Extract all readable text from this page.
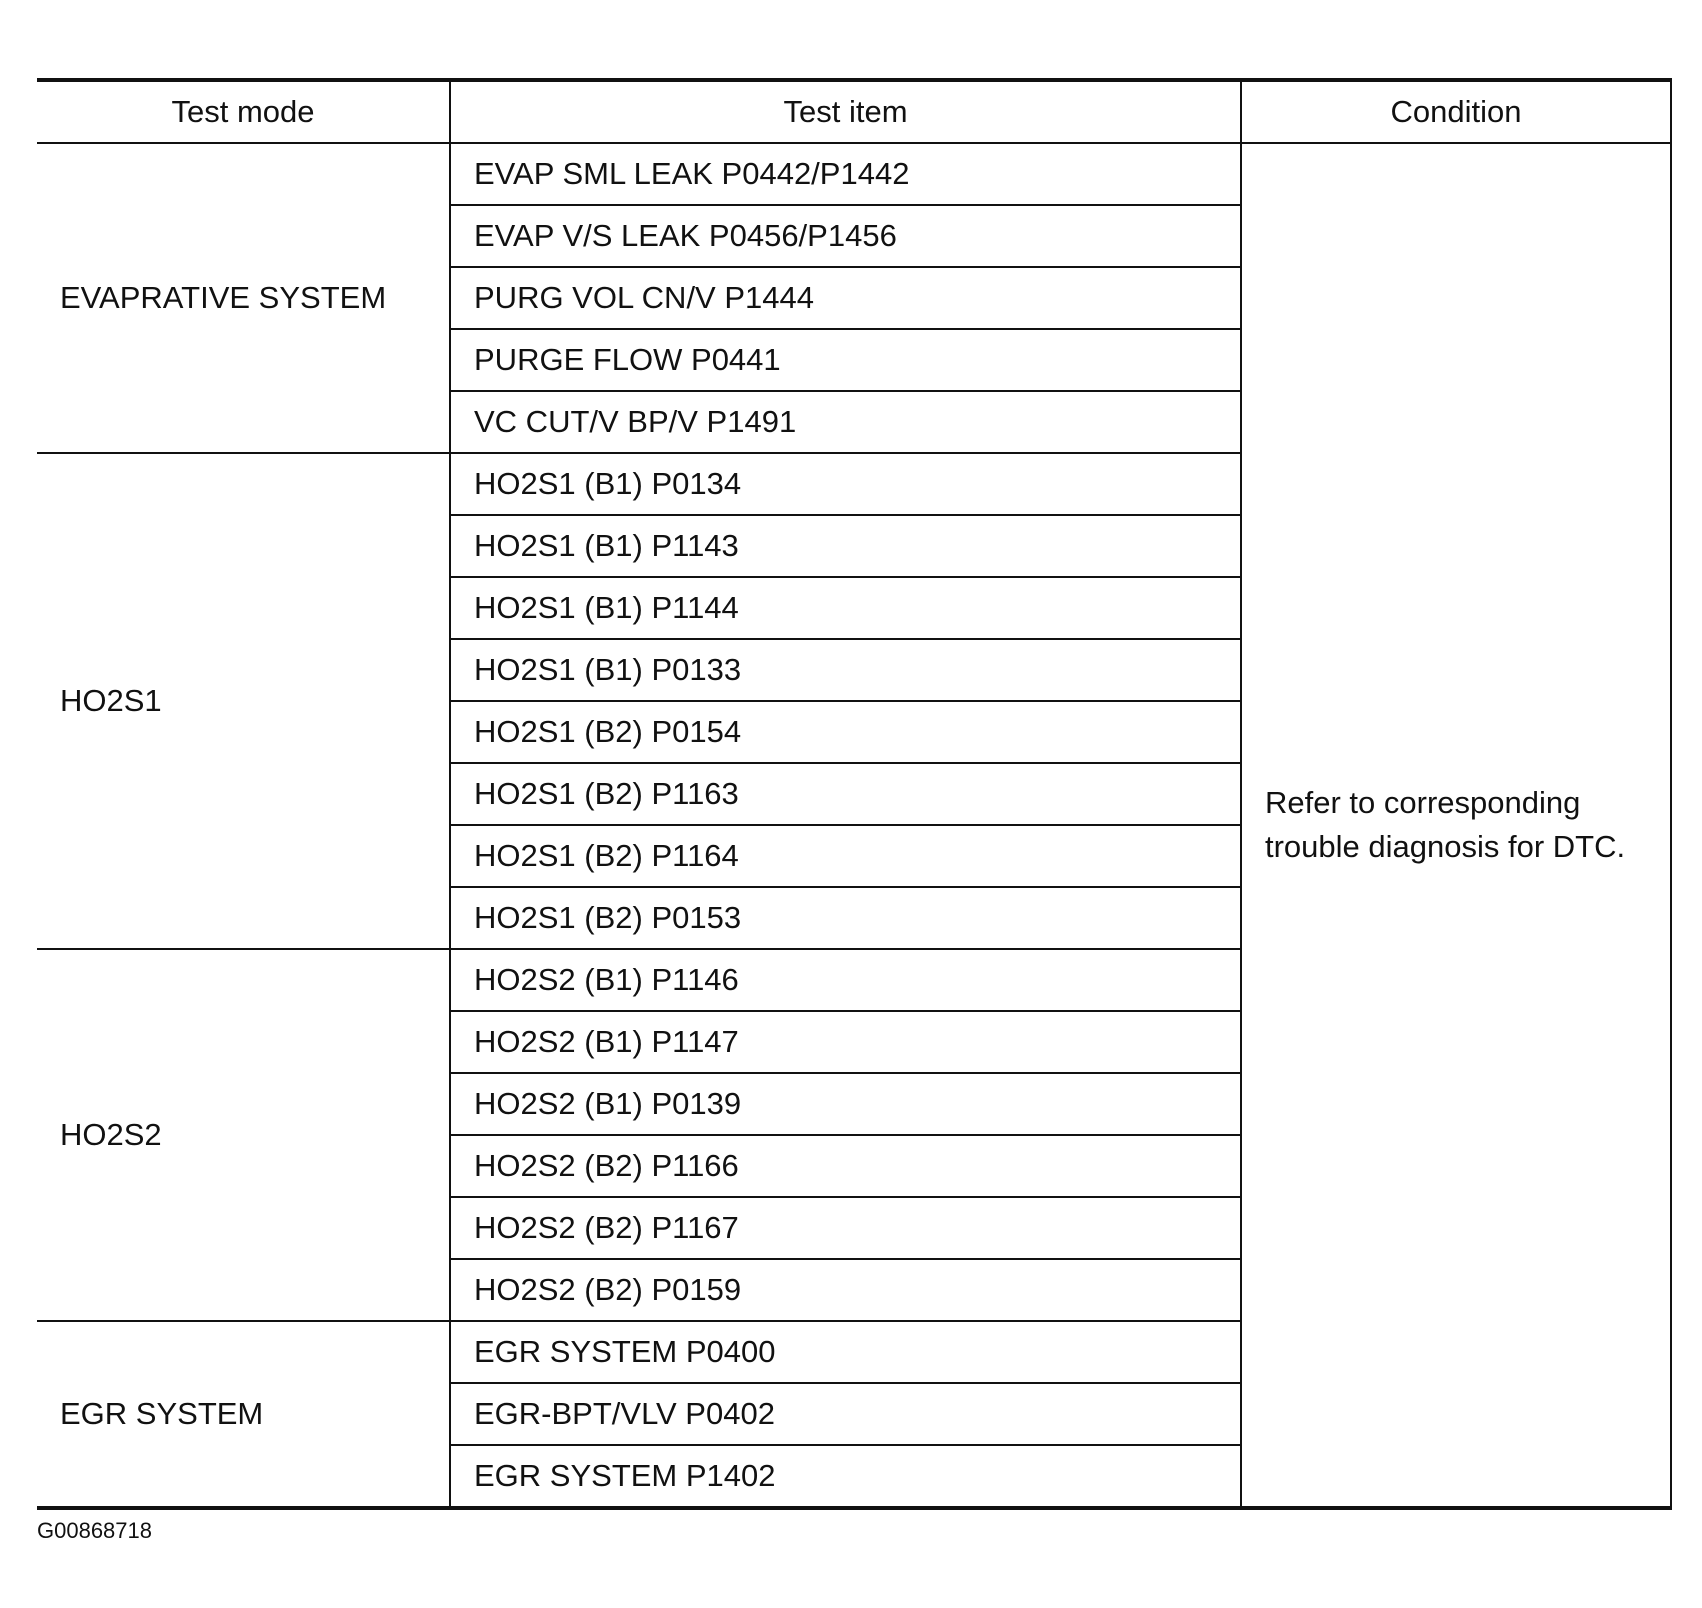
Test mode	Test item	Condition
EVAPRATIVE SYSTEM	EVAP SML LEAK P0442/P1442	Refer to corresponding trouble diagnosis for DTC.
	EVAP V/S LEAK P0456/P1456	
	PURG VOL CN/V P1444	
	PURGE FLOW P0441	
	VC CUT/V BP/V P1491	
HO2S1	HO2S1 (B1) P0134	
	HO2S1 (B1) P1143	
	HO2S1 (B1) P1144	
	HO2S1 (B1) P0133	
	HO2S1 (B2) P0154	
	HO2S1 (B2) P1163	
	HO2S1 (B2) P1164	
	HO2S1 (B2) P0153	
HO2S2	HO2S2 (B1) P1146	
	HO2S2 (B1) P1147	
	HO2S2 (B1) P0139	
	HO2S2 (B2) P1166	
	HO2S2 (B2) P1167	
	HO2S2 (B2) P0159	
EGR SYSTEM	EGR SYSTEM P0400	
	EGR-BPT/VLV P0402	
	EGR SYSTEM P1402	
G00868718
